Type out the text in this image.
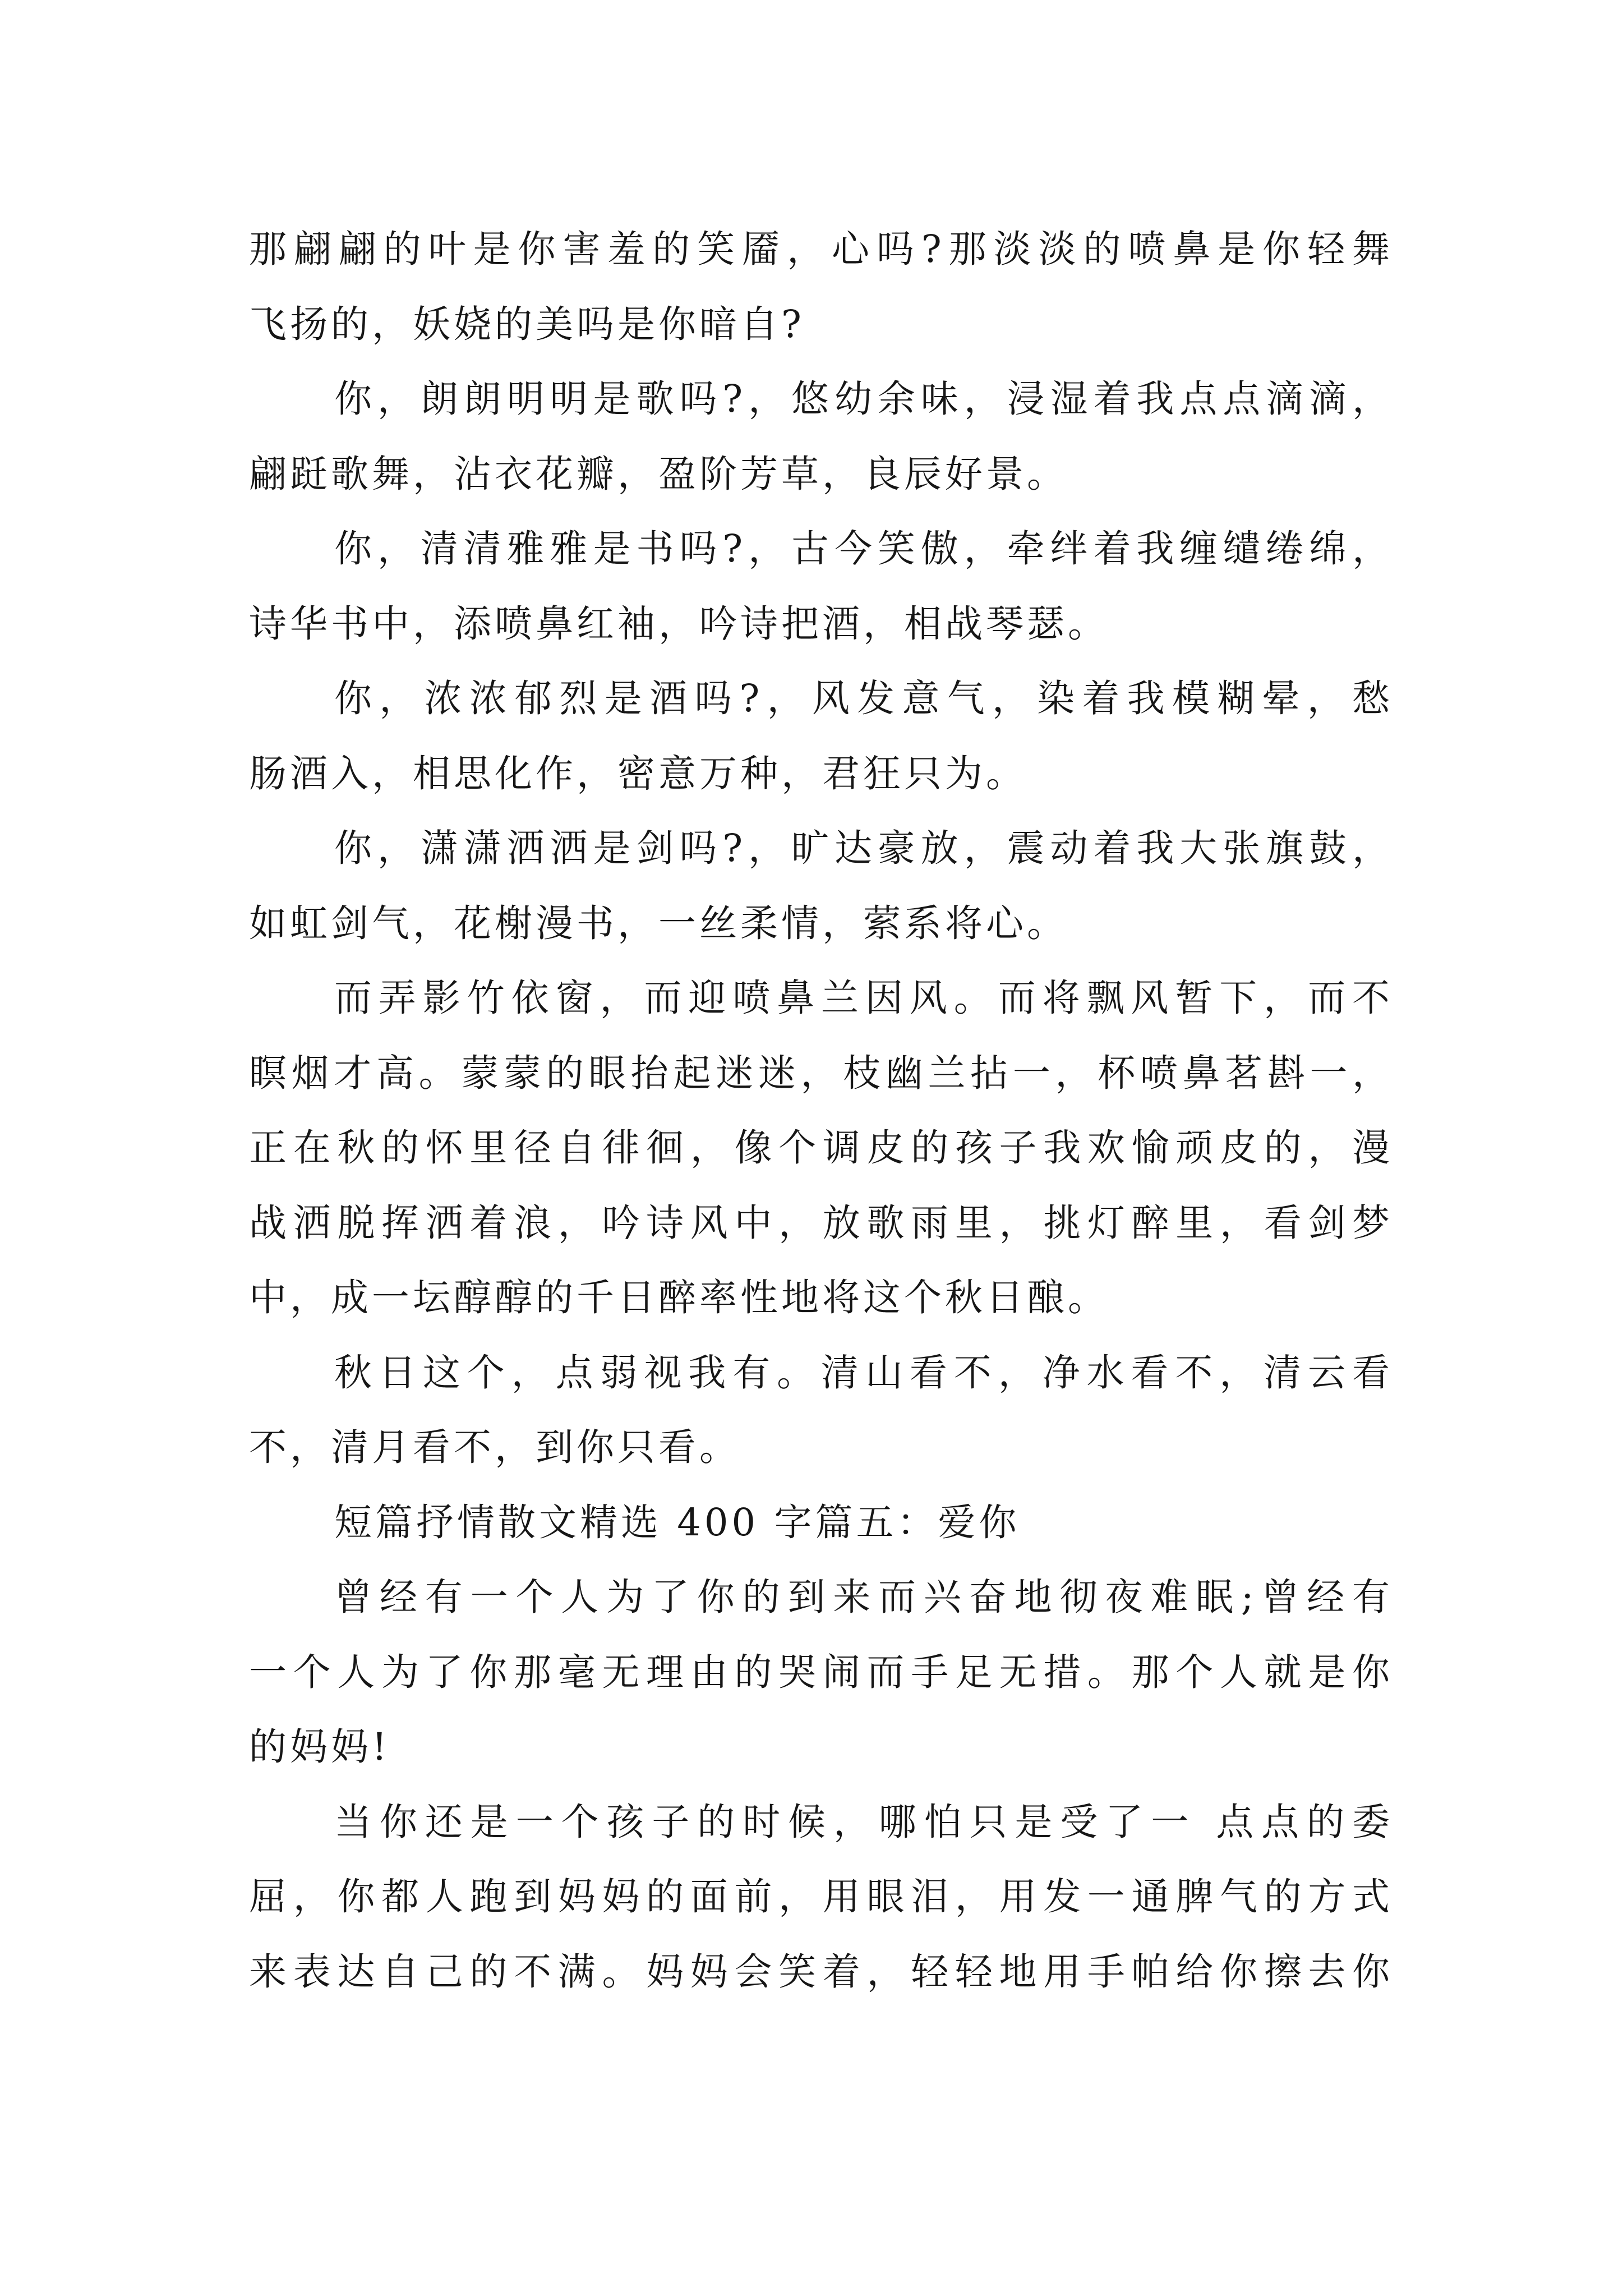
那翩翩的叶是你害羞的笑靥，心吗?那淡淡的喷鼻是你轻舞
飞扬的，妖娆的美吗是你暗自?
你，朗朗明明是歌吗?，悠幼余味，浸湿着我点点滴滴，
翩跹歌舞，沾衣花瓣，盈阶芳草，良辰好景。
你，清清雅雅是书吗?，古今笑傲，牵绊着我缠缱绻绵，
诗华书中，添喷鼻红袖，吟诗把酒，相战琴瑟。
你，浓浓郁烈是酒吗?，风发意气，染着我模糊晕，愁
肠酒入，相思化作，密意万种，君狂只为。
你，潇潇洒洒是剑吗?，旷达豪放，震动着我大张旗鼓，
如虹剑气，花榭漫书，一丝柔情，萦系将心。
而弄影竹依窗，而迎喷鼻兰因风。而将飘风暂下，而不
瞑烟才高。蒙蒙的眼抬起迷迷，枝幽兰拈一，杯喷鼻茗斟一，
正在秋的怀里径自徘徊，像个调皮的孩子我欢愉顽皮的，漫
战洒脱挥洒着浪，吟诗风中，放歌雨里，挑灯醉里，看剑梦
中，成一坛醇醇的千日醉率性地将这个秋日酿。
秋日这个，点弱视我有。清山看不，净水看不，清云看
不，清月看不，到你只看。
短篇抒情散文精选 400 字篇五：爱你
曾经有一个人为了你的到来而兴奋地彻夜难眠;曾经有
一个人为了你那毫无理由的哭闹而手足无措。那个人就是你
的妈妈!
当你还是一个孩子的时候，哪怕只是受了一 点点的委
屈，你都人跑到妈妈的面前，用眼泪，用发一通脾气的方式
来表达自己的不满。妈妈会笑着，轻轻地用手帕给你擦去你
